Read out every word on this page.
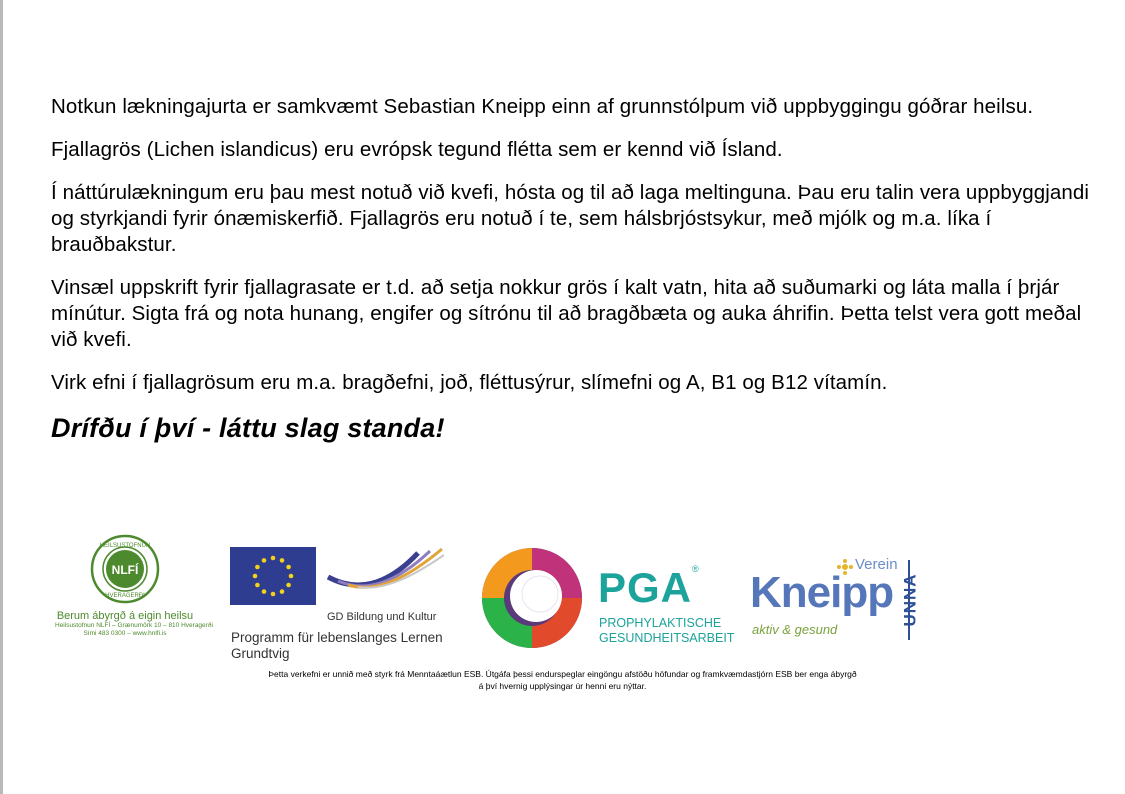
Notkun lækningajurta er samkvæmt Sebastian Kneipp einn af grunnstólpum við uppbyggingu góðrar heilsu.

Fjallagrös (Lichen islandicus) eru evrópsk tegund flétta sem er kennd við Ísland.

Í náttúrulækningum eru þau mest notuð við kvefi, hósta og til að laga meltinguna. Þau eru talin vera uppbyggjandi og styrkjandi fyrir ónæmiskerfið. Fjallagrös eru notuð í te, sem hálsbrjóstsykur, með mjólk og m.a. líka í brauðbakstur.

Vinsæl uppskrift fyrir fjallagrasate er t.d. að setja nokkur grös í kalt vatn, hita að suðumarki og láta malla í þrjár mínútur. Sigta frá og nota hunang, engifer og sítrónu til að bragðbæta og auka áhrifin. Þetta telst vera gott meðal við kvefi.

Virk efni í fjallagrösum eru m.a. bragðefni, joð, fléttusýrur, slímefni og A, B1 og B12 vítamín.

Drífðu í því - láttu slag standa!

NLFÍ
HEILSUSTOFNUN
HVERAGERÐI
Berum ábyrgð á eigin heilsu
Heilsustofnun NLFÍ – Grænumörk 10 – 810 Hveragerði
Sími 483 0300 – www.hnlfi.is
GD Bildung und Kultur
Programm für lebenslanges Lernen
Grundtvig
PGA®
PROPHYLAKTISCHE
GESUNDHEITSARBEIT
Verein
Kneipp
aktiv & gesund
UNNA
Þetta verkefni er unnið með styrk frá Menntaáætlun ESB. Útgáfa þessi endurspeglar eingöngu afstöðu höfundar og framkvæmdastjórn ESB ber enga ábyrgð
á því hvernig upplýsingar úr henni eru nýttar.
